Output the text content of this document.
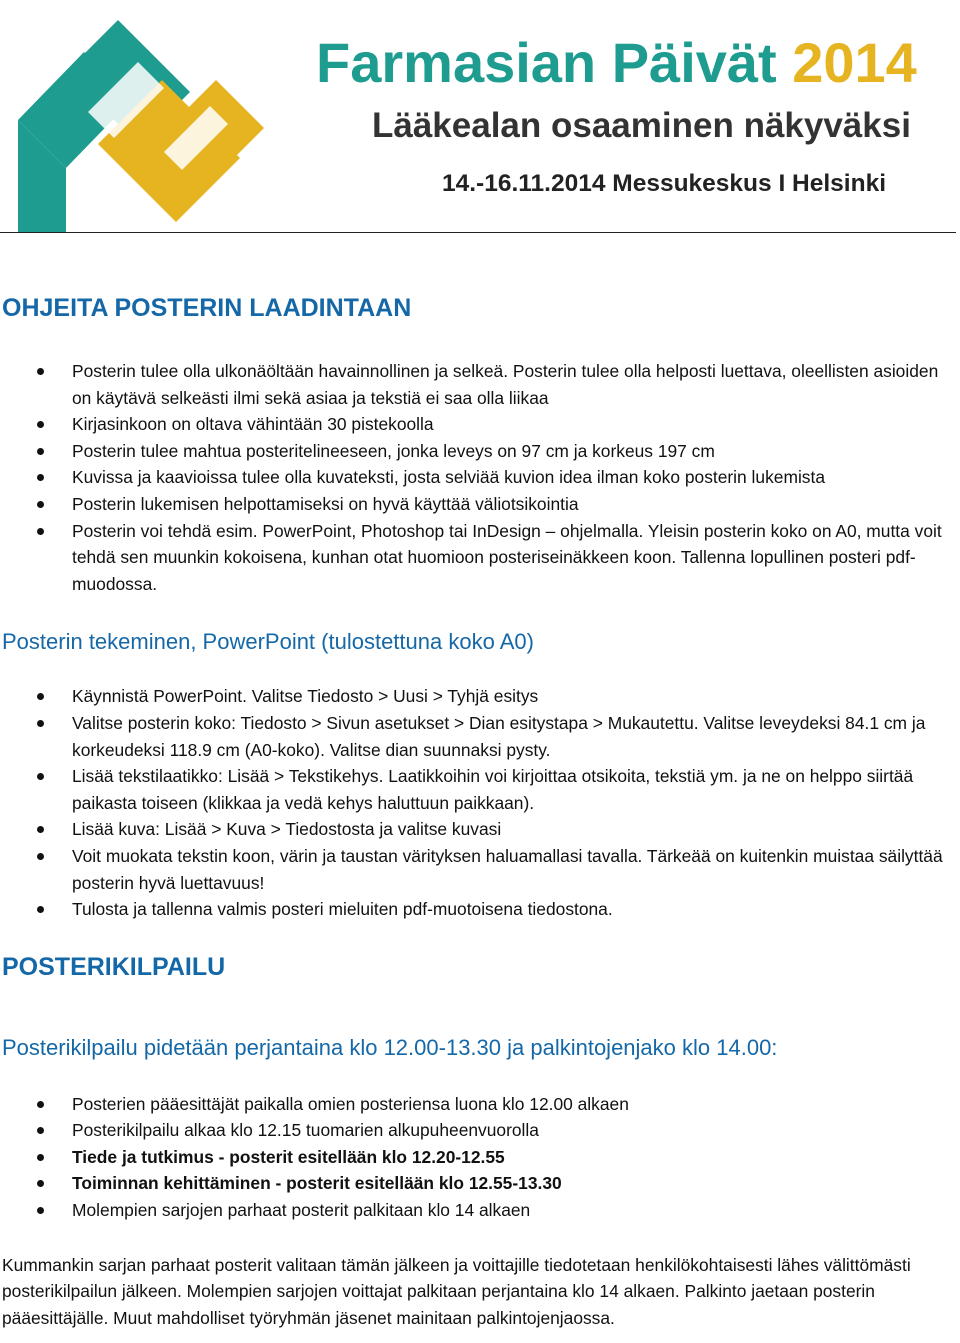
Farmasian Päivät 2014
Lääkealan osaaminen näkyväksi
14.-16.11.2014 Messukeskus I Helsinki
OHJEITA POSTERIN LAADINTAAN
Posterin tulee olla ulkonäöltään havainnollinen ja selkeä. Posterin tulee olla helposti luettava, oleellisten asioiden on käytävä selkeästi ilmi sekä asiaa ja tekstiä ei saa olla liikaa
Kirjasinkoon on oltava vähintään 30 pistekoolla
Posterin tulee mahtua posteritelineeseen, jonka leveys on 97 cm ja korkeus 197 cm
Kuvissa ja kaavioissa tulee olla kuvateksti, josta selviää kuvion idea ilman koko posterin lukemista
Posterin lukemisen helpottamiseksi on hyvä käyttää väliotsikointia
Posterin voi tehdä esim. PowerPoint, Photoshop tai InDesign – ohjelmalla. Yleisin posterin koko on A0, mutta voit tehdä sen muunkin kokoisena, kunhan otat huomioon posteriseinäkkeen koon. Tallenna lopullinen posteri pdf-muodossa.
Posterin tekeminen, PowerPoint (tulostettuna koko A0)
Käynnistä PowerPoint. Valitse Tiedosto > Uusi > Tyhjä esitys
Valitse posterin koko: Tiedosto > Sivun asetukset > Dian esitystapa > Mukautettu. Valitse leveydeksi 84.1 cm ja korkeudeksi 118.9 cm (A0-koko). Valitse dian suunnaksi pysty.
Lisää tekstilaatikko: Lisää > Tekstikehys. Laatikkoihin voi kirjoittaa otsikoita, tekstiä ym. ja ne on helppo siirtää paikasta toiseen (klikkaa ja vedä kehys haluttuun paikkaan).
Lisää kuva: Lisää > Kuva > Tiedostosta ja valitse kuvasi
Voit muokata tekstin koon, värin ja taustan värityksen haluamallasi tavalla. Tärkeää on kuitenkin muistaa säilyttää posterin hyvä luettavuus!
Tulosta ja tallenna valmis posteri mieluiten pdf-muotoisena tiedostona.
POSTERIKILPAILU
Posterikilpailu pidetään perjantaina klo 12.00-13.30 ja palkintojenjako klo 14.00:
Posterien pääesittäjät paikalla omien posteriensa luona klo 12.00 alkaen
Posterikilpailu alkaa klo 12.15 tuomarien alkupuheenvuorolla
Tiede ja tutkimus - posterit esitellään klo 12.20-12.55
Toiminnan kehittäminen - posterit esitellään klo 12.55-13.30
Molempien sarjojen parhaat posterit palkitaan klo 14 alkaen

Kummankin sarjan parhaat posterit valitaan tämän jälkeen ja voittajille tiedotetaan henkilökohtaisesti lähes välittömästi posterikilpailun jälkeen. Molempien sarjojen voittajat palkitaan perjantaina klo 14 alkaen. Palkinto jaetaan posterin pääesittäjälle. Muut mahdolliset työryhmän jäsenet mainitaan palkintojenjaossa.
